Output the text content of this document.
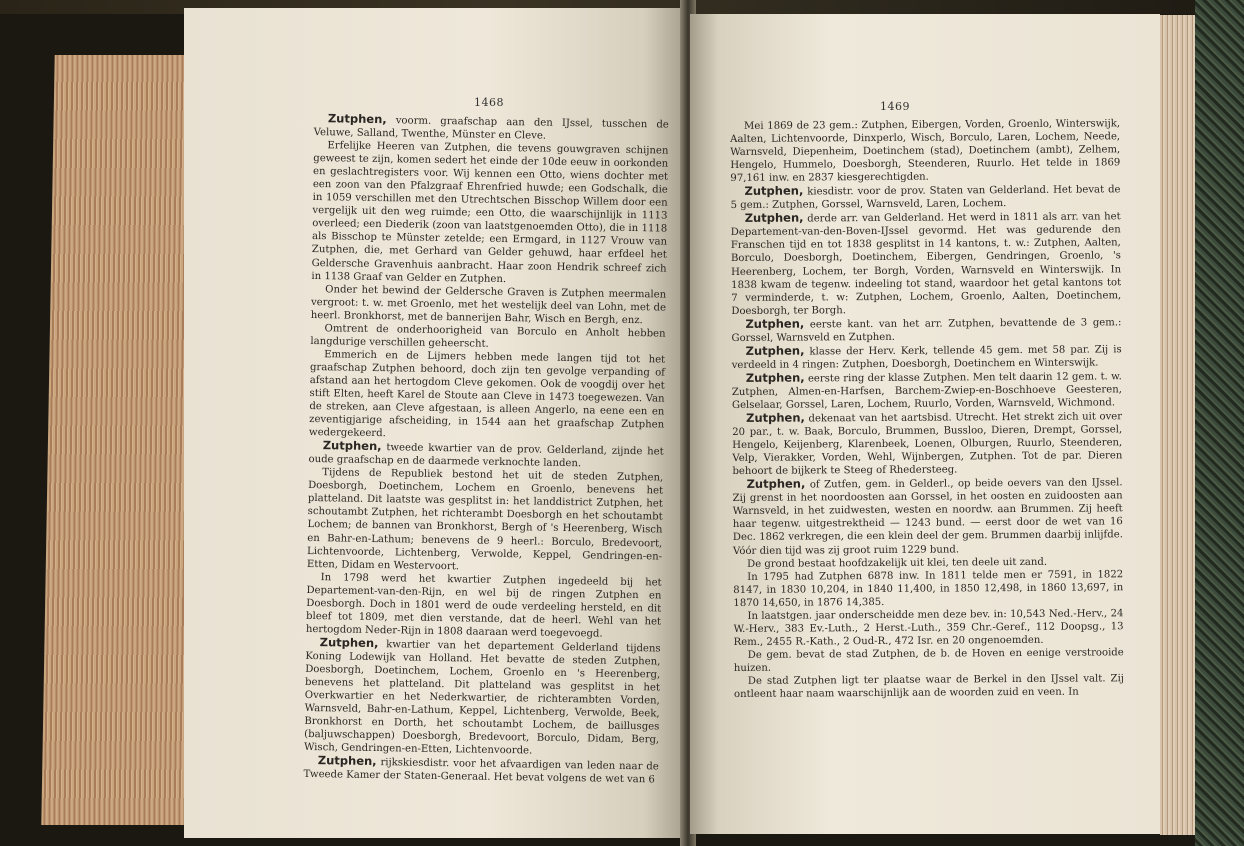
1468

Zutphen, voorm. graafschap aan den IJssel, tusschen de Veluwe, Salland, Twenthe, Münster en Cleve.

Erfelijke Heeren van Zutphen, die tevens gouwgraven schijnen geweest te zijn, komen sedert het einde der 10de eeuw in oorkonden en geslachtregisters voor. Wij kennen een Otto, wiens dochter met een zoon van den Pfalzgraaf Ehrenfried huwde; een Godschalk, die in 1059 verschillen met den Utrechtschen Bisschop Willem door een vergelijk uit den weg ruimde; een Otto, die waarschijnlijk in 1113 overleed; een Diederik (zoon van laatstgenoemden Otto), die in 1118 als Bisschop te Münster zetelde; een Ermgard, in 1127 Vrouw van Zutphen, die, met Gerhard van Gelder gehuwd, haar erfdeel het Geldersche Gravenhuis aanbracht. Haar zoon Hendrik schreef zich in 1138 Graaf van Gelder en Zutphen.

Onder het bewind der Geldersche Graven is Zutphen meermalen vergroot: t. w. met Groenlo, met het westelijk deel van Lohn, met de heerl. Bronkhorst, met de bannerijen Bahr, Wisch en Bergh, enz.

Omtrent de onderhoorigheid van Borculo en Anholt hebben langdurige verschillen geheerscht.

Emmerich en de Lijmers hebben mede langen tijd tot het graafschap Zutphen behoord, doch zijn ten gevolge verpanding of afstand aan het hertogdom Cleve gekomen. Ook de voogdij over het stift Elten, heeft Karel de Stoute aan Cleve in 1473 toegewezen. Van de streken, aan Cleve afgestaan, is alleen Angerlo, na eene een en zeventigjarige afscheiding, in 1544 aan het graafschap Zutphen wedergekeerd.

Zutphen, tweede kwartier van de prov. Gelderland, zijnde het oude graafschap en de daarmede verknochte landen.

Tijdens de Republiek bestond het uit de steden Zutphen, Doesborgh, Doetinchem, Lochem en Groenlo, benevens het platteland. Dit laatste was gesplitst in: het landdistrict Zutphen, het schoutambt Zutphen, het richterambt Doesborgh en het schoutambt Lochem; de bannen van Bronkhorst, Bergh of 's Heerenberg, Wisch en Bahr-en-Lathum; benevens de 9 heerl.: Borculo, Bredevoort, Lichtenvoorde, Lichtenberg, Verwolde, Keppel, Gendringen-en-Etten, Didam en Westervoort.

In 1798 werd het kwartier Zutphen ingedeeld bij het Departement-van-den-Rijn, en wel bij de ringen Zutphen en Doesborgh. Doch in 1801 werd de oude verdeeling hersteld, en dit bleef tot 1809, met dien verstande, dat de heerl. Wehl van het hertogdom Neder-Rijn in 1808 daaraan werd toegevoegd.

Zutphen, kwartier van het departement Gelderland tijdens Koning Lodewijk van Holland. Het bevatte de steden Zutphen, Doesborgh, Doetinchem, Lochem, Groenlo en 's Heerenberg, benevens het platteland. Dit platteland was gesplitst in het Overkwartier en het Nederkwartier, de richterambten Vorden, Warnsveld, Bahr-en-Lathum, Keppel, Lichtenberg, Verwolde, Beek, Bronkhorst en Dorth, het schoutambt Lochem, de baillusges (baljuwschappen) Doesborgh, Bredevoort, Borculo, Didam, Berg, Wisch, Gendringen-en-Etten, Lichtenvoorde.

Zutphen, rijkskiesdistr. voor het afvaardigen van leden naar de Tweede Kamer der Staten-Generaal. Het bevat volgens de wet van 6

1469

Mei 1869 de 23 gem.: Zutphen, Eibergen, Vorden, Groenlo, Winterswijk, Aalten, Lichtenvoorde, Dinxperlo, Wisch, Borculo, Laren, Lochem, Neede, Warnsveld, Diepenheim, Doetinchem (stad), Doetinchem (ambt), Zelhem, Hengelo, Hummelo, Doesborgh, Steenderen, Ruurlo. Het telde in 1869 97,161 inw. en 2837 kiesgerechtigden.

Zutphen, kiesdistr. voor de prov. Staten van Gelderland. Het bevat de 5 gem.: Zutphen, Gorssel, Warnsveld, Laren, Lochem.

Zutphen, derde arr. van Gelderland. Het werd in 1811 als arr. van het Departement-van-den-Boven-IJssel gevormd. Het was gedurende den Franschen tijd en tot 1838 gesplitst in 14 kantons, t. w.: Zutphen, Aalten, Borculo, Doesborgh, Doetinchem, Eibergen, Gendringen, Groenlo, 's Heerenberg, Lochem, ter Borgh, Vorden, Warnsveld en Winterswijk. In 1838 kwam de tegenw. indeeling tot stand, waardoor het getal kantons tot 7 verminderde, t. w: Zutphen, Lochem, Groenlo, Aalten, Doetinchem, Doesborgh, ter Borgh.

Zutphen, eerste kant. van het arr. Zutphen, bevattende de 3 gem.: Gorssel, Warnsveld en Zutphen.

Zutphen, klasse der Herv. Kerk, tellende 45 gem. met 58 par. Zij is verdeeld in 4 ringen: Zutphen, Doesborgh, Doetinchem en Winterswijk.

Zutphen, eerste ring der klasse Zutphen. Men telt daarin 12 gem. t. w. Zutphen, Almen-en-Harfsen, Barchem-Zwiep-en-Boschhoeve Geesteren, Gelselaar, Gorssel, Laren, Lochem, Ruurlo, Vorden, Warnsveld, Wichmond.

Zutphen, dekenaat van het aartsbisd. Utrecht. Het strekt zich uit over 20 par., t. w. Baak, Borculo, Brummen, Bussloo, Dieren, Drempt, Gorssel, Hengelo, Keijenberg, Klarenbeek, Loenen, Olburgen, Ruurlo, Steenderen, Velp, Vierakker, Vorden, Wehl, Wijnbergen, Zutphen. Tot de par. Dieren behoort de bijkerk te Steeg of Rhedersteeg.

Zutphen, of Zutfen, gem. in Gelderl., op beide oevers van den IJssel. Zij grenst in het noordoosten aan Gorssel, in het oosten en zuidoosten aan Warnsveld, in het zuidwesten, westen en noordw. aan Brummen. Zij heeft haar tegenw. uitgestrektheid — 1243 bund. — eerst door de wet van 16 Dec. 1862 verkregen, die een klein deel der gem. Brummen daarbij inlijfde. Vóór dien tijd was zij groot ruim 1229 bund.

De grond bestaat hoofdzakelijk uit klei, ten deele uit zand.

In 1795 had Zutphen 6878 inw. In 1811 telde men er 7591, in 1822 8147, in 1830 10,204, in 1840 11,400, in 1850 12,498, in 1860 13,697, in 1870 14,650, in 1876 14,385.

In laatstgen. jaar onderscheidde men deze bev. in: 10,543 Ned.-Herv., 24 W.-Herv., 383 Ev.-Luth., 2 Herst.-Luth., 359 Chr.-Geref., 112 Doopsg., 13 Rem., 2455 R.-Kath., 2 Oud-R., 472 Isr. en 20 ongenoemden.

De gem. bevat de stad Zutphen, de b. de Hoven en eenige verstrooide huizen.

De stad Zutphen ligt ter plaatse waar de Berkel in den IJssel valt. Zij ontleent haar naam waarschijnlijk aan de woorden zuid en veen. In
